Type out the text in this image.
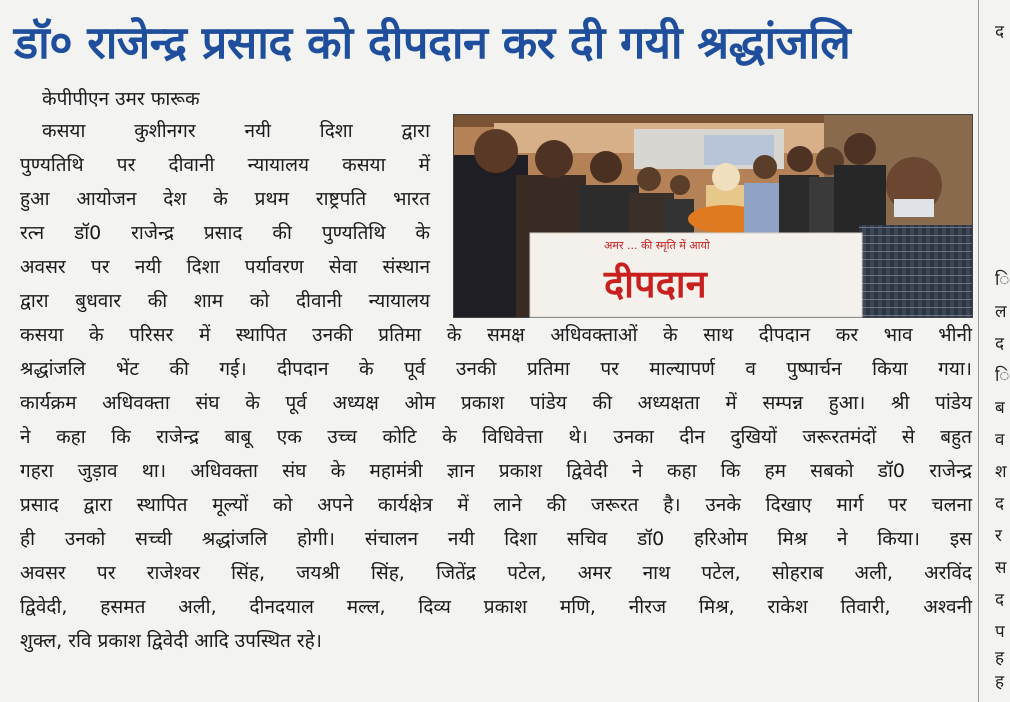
डॉ० राजेन्द्र प्रसाद को दीपदान कर दी गयी श्रद्धांजलि
केपीपीएन उमर फारूक
कसया कुशीनगर नयी दिशा द्वारा
पुण्यतिथि पर दीवानी न्यायालय कसया में
हुआ आयोजन देश के प्रथम राष्ट्रपति भारत
रत्न डॉ0 राजेन्द्र प्रसाद की पुण्यतिथि के
अवसर पर नयी दिशा पर्यावरण सेवा संस्थान
द्वारा बुधवार की शाम को दीवानी न्यायालय
अमर ... की स्मृति में आयो
दीपदान
कसया के परिसर में स्थापित उनकी प्रतिमा के समक्ष अधिवक्ताओं के साथ दीपदान कर भाव भीनी
श्रद्धांजलि भेंट की गई। दीपदान के पूर्व उनकी प्रतिमा पर माल्यापर्ण व पुष्पार्चन किया गया।
कार्यक्रम अधिवक्ता संघ के पूर्व अध्यक्ष ओम प्रकाश पांडेय की अध्यक्षता में सम्पन्न हुआ। श्री पांडेय
ने कहा कि राजेन्द्र बाबू एक उच्च कोटि के विधिवेत्ता थे। उनका दीन दुखियों जरूरतमंदों से बहुत
गहरा जुड़ाव था। अधिवक्ता संघ के महामंत्री ज्ञान प्रकाश द्विवेदी ने कहा कि हम सबको डॉ0 राजेन्द्र
प्रसाद द्वारा स्थापित मूल्यों को अपने कार्यक्षेत्र में लाने की जरूरत है। उनके दिखाए मार्ग पर चलना
ही उनको सच्ची श्रद्धांजलि होगी। संचालन नयी दिशा सचिव डॉ0 हरिओम मिश्र ने किया। इस
अवसर पर राजेश्वर सिंह, जयश्री सिंह, जितेंद्र पटेल, अमर नाथ पटेल, सोहराब अली, अरविंद
द्विवेदी, हसमत अली, दीनदयाल मल्ल, दिव्य प्रकाश मणि, नीरज मिश्र, राकेश तिवारी, अश्वनी
शुक्ल, रवि प्रकाश द्विवेदी आदि उपस्थित रहे।
द
ि
ल
द
ि
ब
व
श
द
र
स
द
प
ह
ह
